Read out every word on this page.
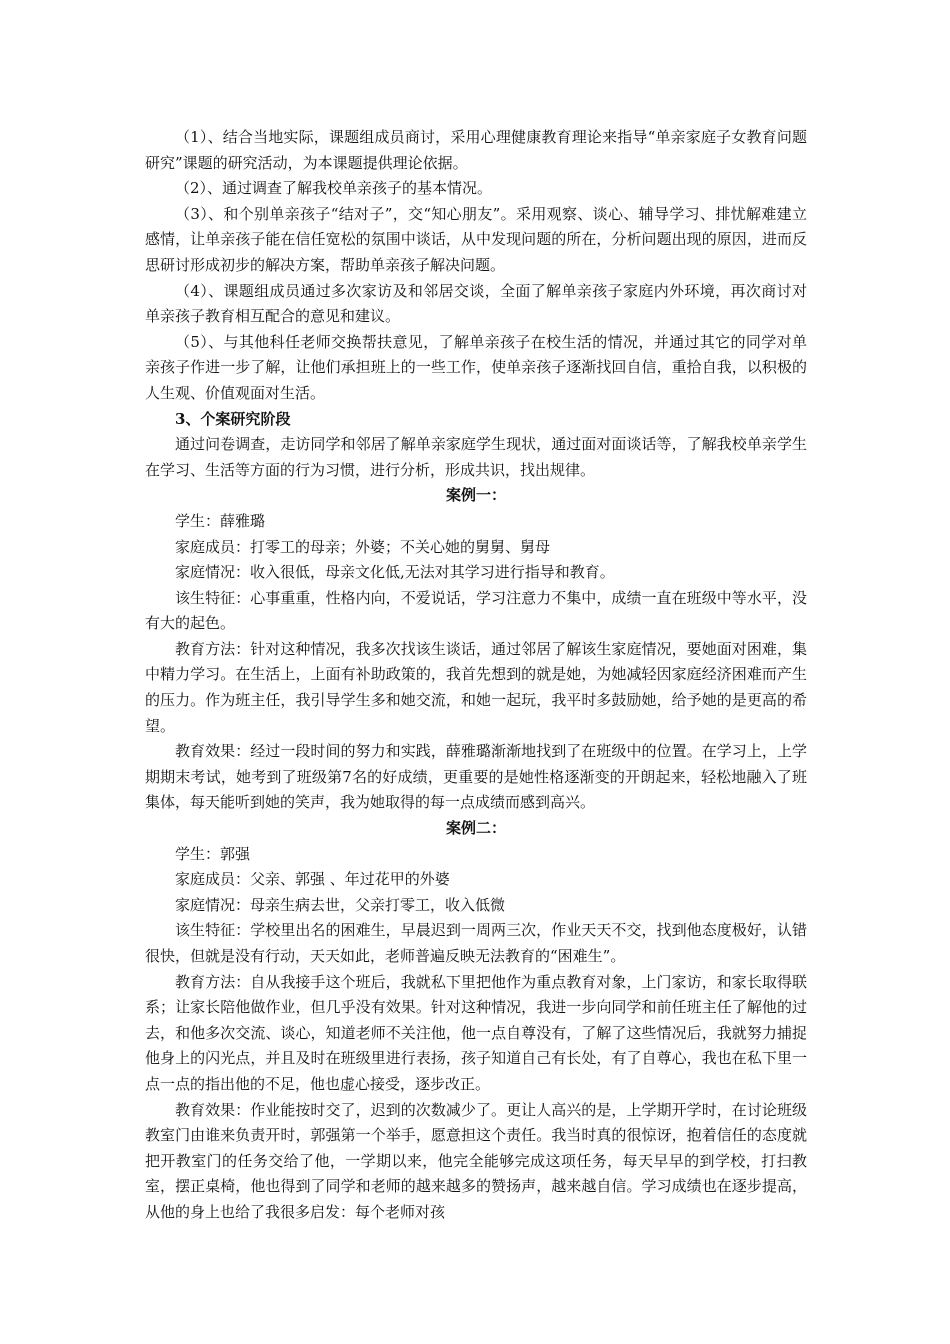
（1）、结合当地实际，课题组成员商讨，采用心理健康教育理论来指导“单亲家庭子女教育问题研究”课题的研究活动，为本课题提供理论依据。

（2）、通过调查了解我校单亲孩子的基本情况。

（3）、和个别单亲孩子“结对子”，交“知心朋友”。采用观察、谈心、辅导学习、排忧解难建立感情，让单亲孩子能在信任宽松的氛围中谈话，从中发现问题的所在，分析问题出现的原因，进而反思研讨形成初步的解决方案，帮助单亲孩子解决问题。

（4）、课题组成员通过多次家访及和邻居交谈，全面了解单亲孩子家庭内外环境，再次商讨对单亲孩子教育相互配合的意见和建议。

（5）、与其他科任老师交换帮扶意见，了解单亲孩子在校生活的情况，并通过其它的同学对单亲孩子作进一步了解，让他们承担班上的一些工作，使单亲孩子逐渐找回自信，重拾自我，以积极的人生观、价值观面对生活。

3、个案研究阶段

通过问卷调查，走访同学和邻居了解单亲家庭学生现状，通过面对面谈话等，了解我校单亲学生在学习、生活等方面的行为习惯，进行分析，形成共识，找出规律。

案例一：

学生：薛雅璐

家庭成员：打零工的母亲；外婆；不关心她的舅舅、舅母

家庭情况：收入很低，母亲文化低,无法对其学习进行指导和教育。

该生特征：心事重重，性格内向，不爱说话，学习注意力不集中，成绩一直在班级中等水平，没有大的起色。

教育方法：针对这种情况，我多次找该生谈话，通过邻居了解该生家庭情况，要她面对困难，集中精力学习。在生活上，上面有补助政策的，我首先想到的就是她，为她减轻因家庭经济困难而产生的压力。作为班主任，我引导学生多和她交流，和她一起玩，我平时多鼓励她，给予她的是更高的希望。

教育效果：经过一段时间的努力和实践，薛雅璐渐渐地找到了在班级中的位置。在学习上，上学期期末考试，她考到了班级第7名的好成绩，更重要的是她性格逐渐变的开朗起来，轻松地融入了班集体，每天能听到她的笑声，我为她取得的每一点成绩而感到高兴。

案例二：

学生：郭强

家庭成员：父亲、郭强 、年过花甲的外婆

家庭情况：母亲生病去世，父亲打零工，收入低微

该生特征：学校里出名的困难生，早晨迟到一周两三次，作业天天不交，找到他态度极好，认错很快，但就是没有行动，天天如此，老师普遍反映无法教育的“困难生”。

教育方法：自从我接手这个班后，我就私下里把他作为重点教育对象，上门家访，和家长取得联系；让家长陪他做作业，但几乎没有效果。针对这种情况，我进一步向同学和前任班主任了解他的过去，和他多次交流、谈心，知道老师不关注他，他一点自尊没有，了解了这些情况后，我就努力捕捉他身上的闪光点，并且及时在班级里进行表扬，孩子知道自己有长处，有了自尊心，我也在私下里一点一点的指出他的不足，他也虚心接受，逐步改正。

教育效果：作业能按时交了，迟到的次数减少了。更让人高兴的是，上学期开学时，在讨论班级教室门由谁来负责开时，郭强第一个举手，愿意担这个责任。我当时真的很惊讶，抱着信任的态度就把开教室门的任务交给了他，一学期以来，他完全能够完成这项任务，每天早早的到学校，打扫教室，摆正桌椅，他也得到了同学和老师的越来越多的赞扬声，越来越自信。学习成绩也在逐步提高，从他的身上也给了我很多启发：每个老师对孩
